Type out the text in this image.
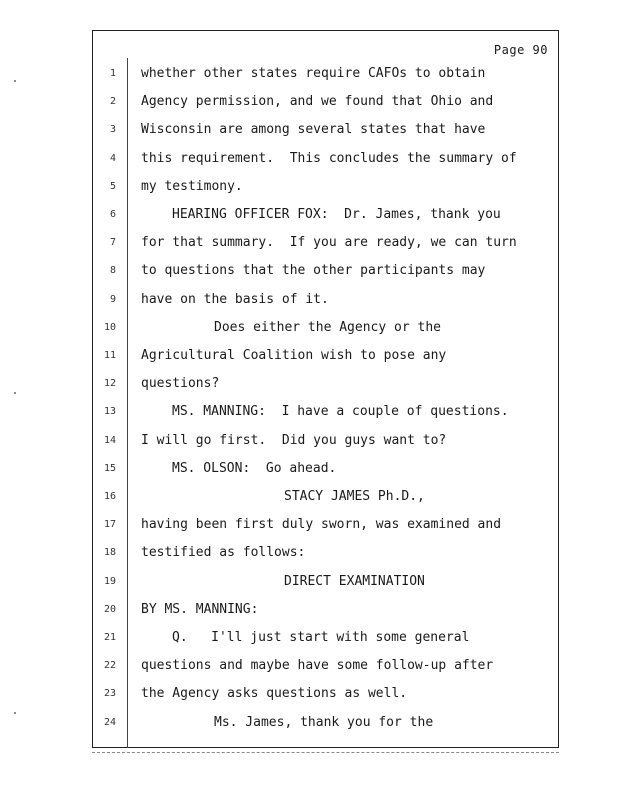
Page 90
1 whether other states require CAFOs to obtain
2 Agency permission, and we found that Ohio and
3 Wisconsin are among several states that have
4 this requirement.  This concludes the summary of
5 my testimony.
6	HEARING OFFICER FOX:  Dr. James, thank you
7 for that summary.  If you are ready, we can turn
8 to questions that the other participants may
9 have on the basis of it.
10	Does either the Agency or the
11 Agricultural Coalition wish to pose any
12 questions?
13	MS. MANNING:  I have a couple of questions.
14 I will go first.  Did you guys want to?
15	MS. OLSON:  Go ahead.
16	STACY JAMES Ph.D.,
17 having been first duly sworn, was examined and
18 testified as follows:
19	DIRECT EXAMINATION
20 BY MS. MANNING:
21	Q.   I'll just start with some general
22 questions and maybe have some follow-up after
23 the Agency asks questions as well.
24	Ms. James, thank you for the
